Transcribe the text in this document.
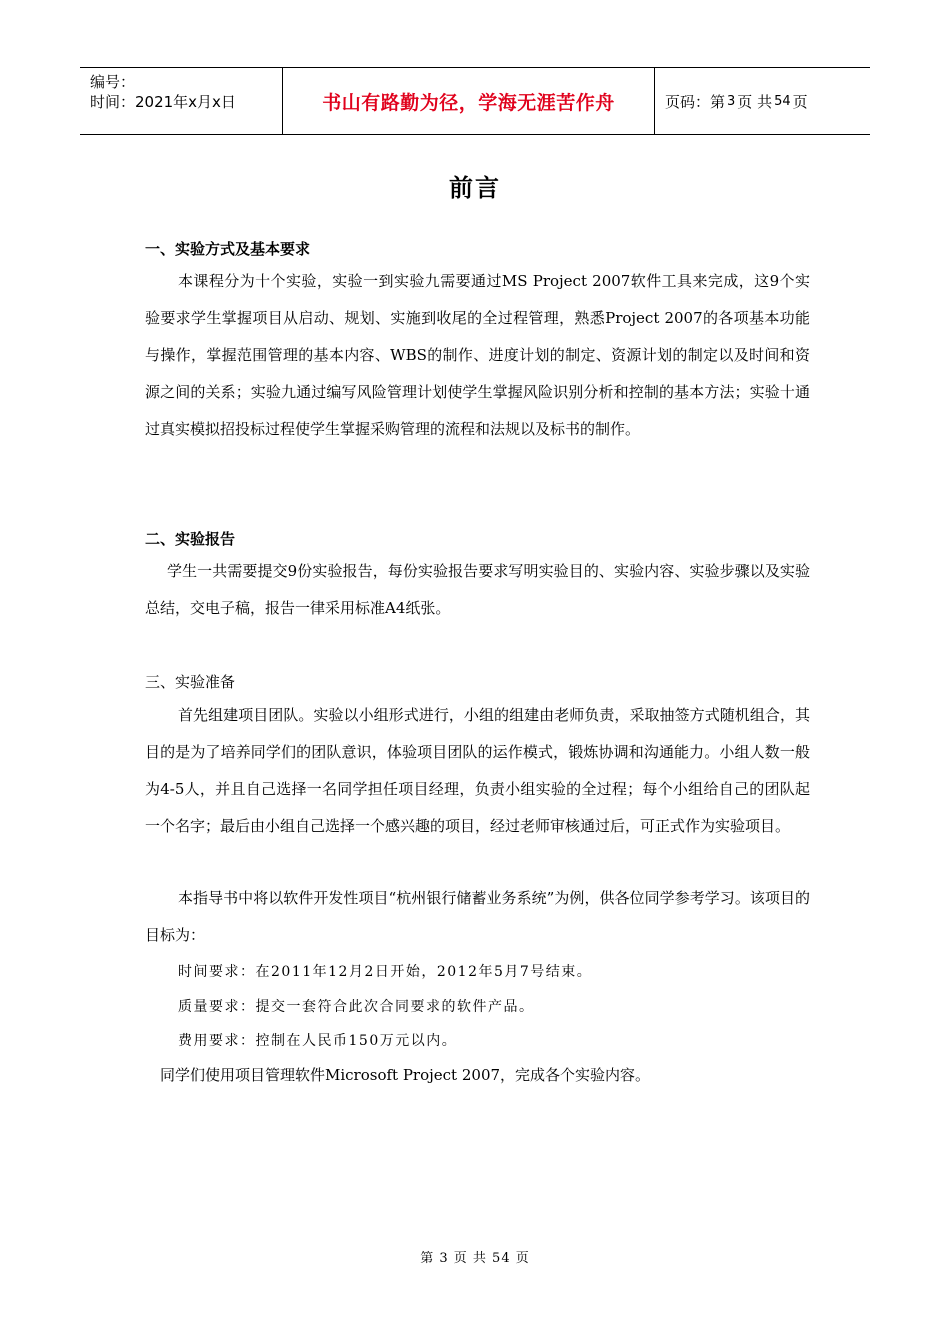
编号：
时间：2021年x月x日	书山有路勤为径，学海无涯苦作舟	页码：第 3 页 共 54 页
前言
一、实验方式及基本要求

本课程分为十个实验，实验一到实验九需要通过MS Project 2007软件工具来完成，这9个实验要求学生掌握项目从启动、规划、实施到收尾的全过程管理，熟悉Project 2007的各项基本功能与操作，掌握范围管理的基本内容、WBS的制作、进度计划的制定、资源计划的制定以及时间和资源之间的关系；实验九通过编写风险管理计划使学生掌握风险识别分析和控制的基本方法；实验十通过真实模拟招投标过程使学生掌握采购管理的流程和法规以及标书的制作。

二、实验报告

学生一共需要提交9份实验报告，每份实验报告要求写明实验目的、实验内容、实验步骤以及实验总结，交电子稿，报告一律采用标准A4纸张。

三、实验准备

首先组建项目团队。实验以小组形式进行，小组的组建由老师负责，采取抽签方式随机组合，其目的是为了培养同学们的团队意识，体验项目团队的运作模式，锻炼协调和沟通能力。小组人数一般为4-5人，并且自己选择一名同学担任项目经理，负责小组实验的全过程；每个小组给自己的团队起一个名字；最后由小组自己选择一个感兴趣的项目，经过老师审核通过后，可正式作为实验项目。

本指导书中将以软件开发性项目“杭州银行储蓄业务系统”为例，供各位同学参考学习。该项目的目标为：

时间要求：在2011年12月2日开始，2012年5月7号结束。
质量要求：提交一套符合此次合同要求的软件产品。
费用要求：控制在人民币150万元以内。
同学们使用项目管理软件Microsoft Project 2007，完成各个实验内容。
第 3 页 共 54 页
